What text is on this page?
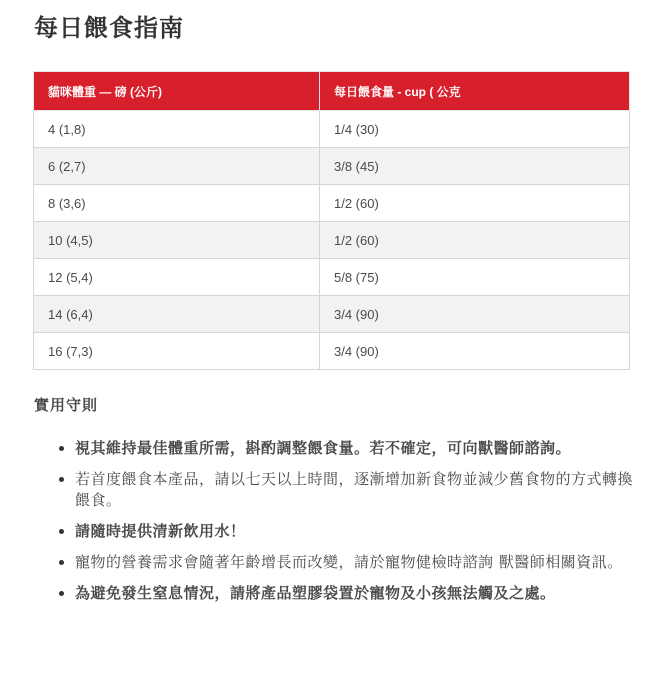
每日餵食指南
貓咪體重 — 磅 (公斤)	每日餵食量 - cup ( 公克
4 (1,8)	1/4 (30)
6 (2,7)	3/8 (45)
8 (3,6)	1/2 (60)
10 (4,5)	1/2 (60)
12 (5,4)	5/8 (75)
14 (6,4)	3/4 (90)
16 (7,3)	3/4 (90)
實用守則
• 視其維持最佳體重所需，斟酌調整餵食量。若不確定，可向獸醫師諮詢。
• 若首度餵食本產品，請以七天以上時間，逐漸增加新食物並減少舊食物的方式轉換餵食。
• 請隨時提供清新飲用水！
• 寵物的營養需求會隨著年齡增長而改變，請於寵物健檢時諮詢 獸醫師相關資訊。
• 為避免發生窒息情況，請將產品塑膠袋置於寵物及小孩無法觸及之處。
